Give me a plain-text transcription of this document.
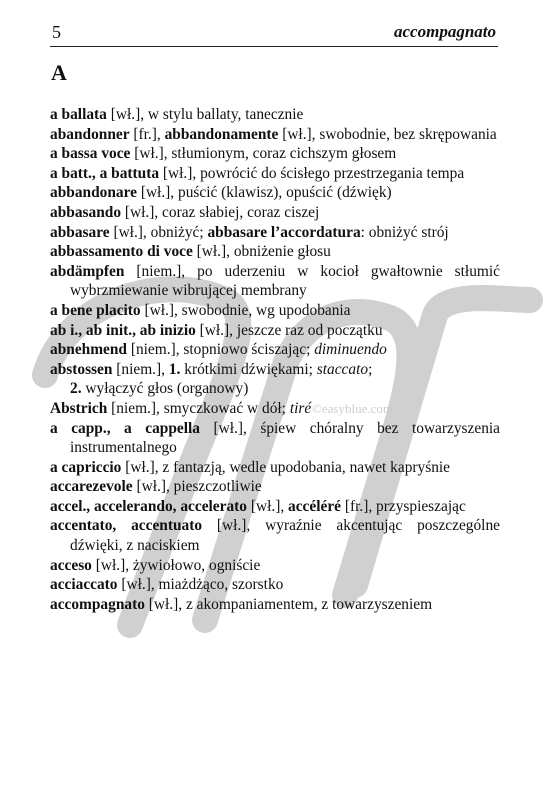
©easyblue.com
5	accompagnato
A
a ballata [wł.], w stylu ballaty, tanecznie
abandonner [fr.], abbandonamente [wł.], swobodnie, bez skrępowania
a bassa voce [wł.], stłumionym, coraz cichszym głosem
a batt., a battuta [wł.], powrócić do ścisłego przestrzegania tempa
abbandonare [wł.], puścić (klawisz), opuścić (dźwięk)
abbasando [wł.], coraz słabiej, coraz ciszej
abbasare [wł.], obniżyć; abbasare l’accordatura: obniżyć strój
abbassamento di voce [wł.], obniżenie głosu
abdämpfen [niem.], po uderzeniu w kocioł gwałtownie stłumić wybrzmiewanie wibrującej membrany
a bene placito [wł.], swobodnie, wg upodobania
ab i., ab init., ab inizio [wł.], jeszcze raz od początku
abnehmend [niem.], stopniowo ściszając; diminuendo
abstossen [niem.], 1. krótkimi dźwiękami; staccato;
2. wyłączyć głos (organowy)
Abstrich [niem.], smyczkować w dół; tiré
a capp., a cappella [wł.], śpiew chóralny bez towarzyszenia instrumentalnego
a capriccio [wł.], z fantazją, wedle upodobania, nawet kapryśnie
accarezevole [wł.], pieszczotliwie
accel., accelerando, accelerato [wł.], accéléré [fr.], przyspieszając
accentato, accentuato [wł.], wyraźnie akcentując poszczególne dźwięki, z naciskiem
acceso [wł.], żywiołowo, ogniście
acciaccato [wł.], miażdżąco, szorstko
accompagnato [wł.], z akompaniamentem, z towarzyszeniem
